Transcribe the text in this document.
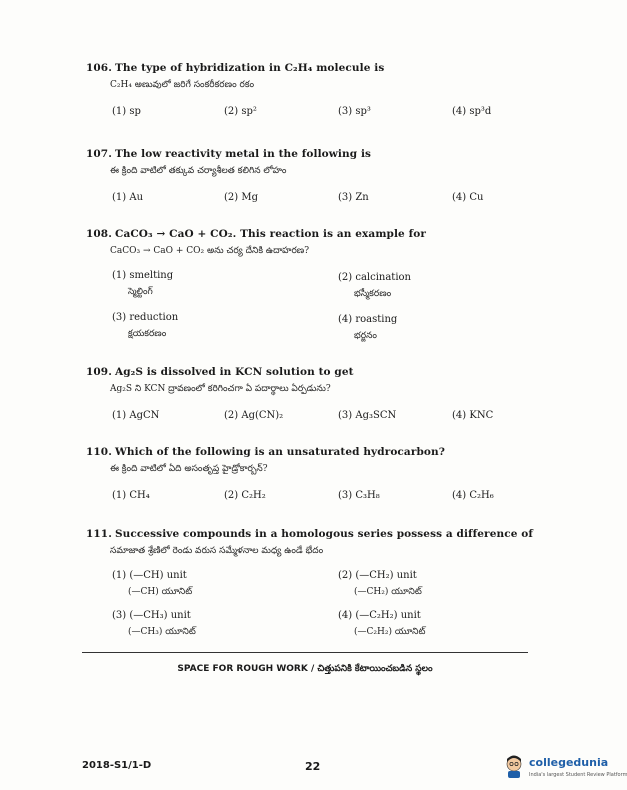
106. The type of hybridization in C₂H₄ molecule is
C₂H₄ అణువులో జరిగే సంకరీకరణం రకం
(1) sp	(2) sp²	(3) sp³	(4) sp³d
107. The low reactivity metal in the following is
ఈ క్రింది వాటిలో తక్కువ చర్యాశీలత కలిగిన లోహం
(1) Au	(2) Mg	(3) Zn	(4) Cu
108. CaCO₃ → CaO + CO₂. This reaction is an example for
CaCO₃ → CaO + CO₂ అను చర్య దేనికి ఉదాహరణ?
(1) smelting
స్మెల్టింగ్
(2) calcination
భస్మీకరణం
(3) reduction
క్షయకరణం
(4) roasting
భర్జనం
109. Ag₂S is dissolved in KCN solution to get
Ag₂S ని KCN ద్రావణంలో కరిగించగా ఏ పదార్థాలు ఏర్పడును?
(1) AgCN	(2) Ag(CN)₂	(3) Ag₃SCN	(4) KNC
110. Which of the following is an unsaturated hydrocarbon?
ఈ క్రింది వాటిలో ఏది అసంతృప్త హైడ్రోకార్బన్?
(1) CH₄	(2) C₂H₂	(3) C₃H₈	(4) C₂H₆
111. Successive compounds in a homologous series possess a difference of
సమాజాత శ్రేణిలో రెండు వరుస సమ్మేళనాల మధ్య ఉండే భేదం
(1) (—CH) unit
(—CH) యూనిట్
(2) (—CH₂) unit
(—CH₂) యూనిట్
(3) (—CH₃) unit
(—CH₃) యూనిట్
(4) (—C₂H₂) unit
(—C₂H₂) యూనిట్
SPACE FOR ROUGH WORK / చిత్తుపనికి కేటాయించబడిన స్థలం
2018-S1/1-D	22	collegedunia
India's largest Student Review Platform
